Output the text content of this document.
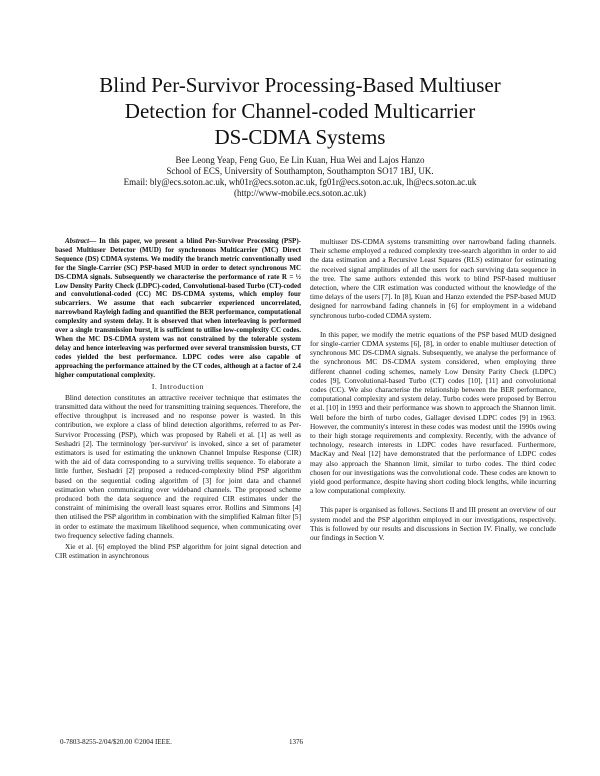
Blind Per-Survivor Processing-Based Multiuser
Detection for Channel-coded Multicarrier
DS-CDMA Systems
Bee Leong Yeap, Feng Guo, Ee Lin Kuan, Hua Wei and Lajos Hanzo
School of ECS, University of Southampton, Southampton SO17 1BJ, UK.
Email: bly@ecs.soton.ac.uk, wh01r@ecs.soton.ac.uk, fg01r@ecs.soton.ac.uk, lh@ecs.soton.ac.uk
(http://www-mobile.ecs.soton.ac.uk)

Abstract— In this paper, we present a blind Per-Survivor Processing (PSP)-based Multiuser Detector (MUD) for synchronous Multicarrier (MC) Direct Sequence (DS) CDMA systems. We modify the branch metric conventionally used for the Single-Carrier (SC) PSP-based MUD in order to detect synchronous MC DS-CDMA signals. Subsequently we characterise the performance of rate R = ½ Low Density Parity Check (LDPC)-coded, Convolutional-based Turbo (CT)-coded and convolutional-coded (CC) MC DS-CDMA systems, which employ four subcarriers. We assume that each subcarrier experienced uncorrelated, narrowband Rayleigh fading and quantified the BER performance, computational complexity and system delay. It is observed that when interleaving is performed over a single transmission burst, it is sufficient to utilise low-complexity CC codes. When the MC DS-CDMA system was not constrained by the tolerable system delay and hence interleaving was performed over several transmission bursts, CT codes yielded the best performance. LDPC codes were also capable of approaching the performance attained by the CT codes, although at a factor of 2.4 higher computational complexity.

I. Introduction

Blind detection constitutes an attractive receiver technique that estimates the transmitted data without the need for transmitting training sequences. Therefore, the effective throughput is increased and no response power is wasted. In this contribution, we explore a class of blind detection algorithms, referred to as Per-Survivor Processing (PSP), which was proposed by Raheli et al. [1] as well as Seshadri [2]. The terminology 'per-survivor' is invoked, since a set of parameter estimators is used for estimating the unknown Channel Impulse Response (CIR) with the aid of data corresponding to a surviving trellis sequence. To elaborate a little further, Seshadri [2] proposed a reduced-complexity blind PSP algorithm based on the sequential coding algorithm of [3] for joint data and channel estimation when communicating over wideband channels. The proposed scheme produced both the data sequence and the required CIR estimates under the constraint of minimising the overall least squares error. Rollins and Simmons [4] then utilised the PSP algorithm in combination with the simplified Kalman filter [5] in order to estimate the maximum likelihood sequence, when communicating over two frequency selective fading channels.

Xie et al. [6] employed the blind PSP algorithm for joint signal detection and CIR estimation in asynchronous

multiuser DS-CDMA systems transmitting over narrowband fading channels. Their scheme employed a reduced complexity tree-search algorithm in order to aid the data estimation and a Recursive Least Squares (RLS) estimator for estimating the received signal amplitudes of all the users for each surviving data sequence in the tree. The same authors extended this work to blind PSP-based multiuser detection, where the CIR estimation was conducted without the knowledge of the time delays of the users [7]. In [8], Kuan and Hanzo extended the PSP-based MUD designed for narrowband fading channels in [6] for employment in a wideband synchronous turbo-coded CDMA system.

In this paper, we modify the metric equations of the PSP based MUD designed for single-carrier CDMA systems [6], [8], in order to enable multiuser detection of synchronous MC DS-CDMA signals. Subsequently, we analyse the performance of the synchronous MC DS-CDMA system considered, when employing three different channel coding schemes, namely Low Density Parity Check (LDPC) codes [9], Convolutional-based Turbo (CT) codes [10], [11] and convolutional codes (CC). We also characterise the relationship between the BER performance, computational complexity and system delay. Turbo codes were proposed by Berrou et al. [10] in 1993 and their performance was shown to approach the Shannon limit. Well before the birth of turbo codes, Gallager devised LDPC codes [9] in 1963. However, the community's interest in these codes was modest until the 1990s owing to their high storage requirements and complexity. Recently, with the advance of technology, research interests in LDPC codes have resurfaced. Furthermore, MacKay and Neal [12] have demonstrated that the performance of LDPC codes may also approach the Shannon limit, similar to turbo codes. The third codec chosen for our investigations was the convolutional code. These codes are known to yield good performance, despite having short coding block lengths, while incurring a low computational complexity.

This paper is organised as follows. Sections II and III present an overview of our system model and the PSP algorithm employed in our investigations, respectively. This is followed by our results and discussions in Section IV. Finally, we conclude our findings in Section V.

0-7803-8255-2/04/$20.00 ©2004 IEEE.	1376
